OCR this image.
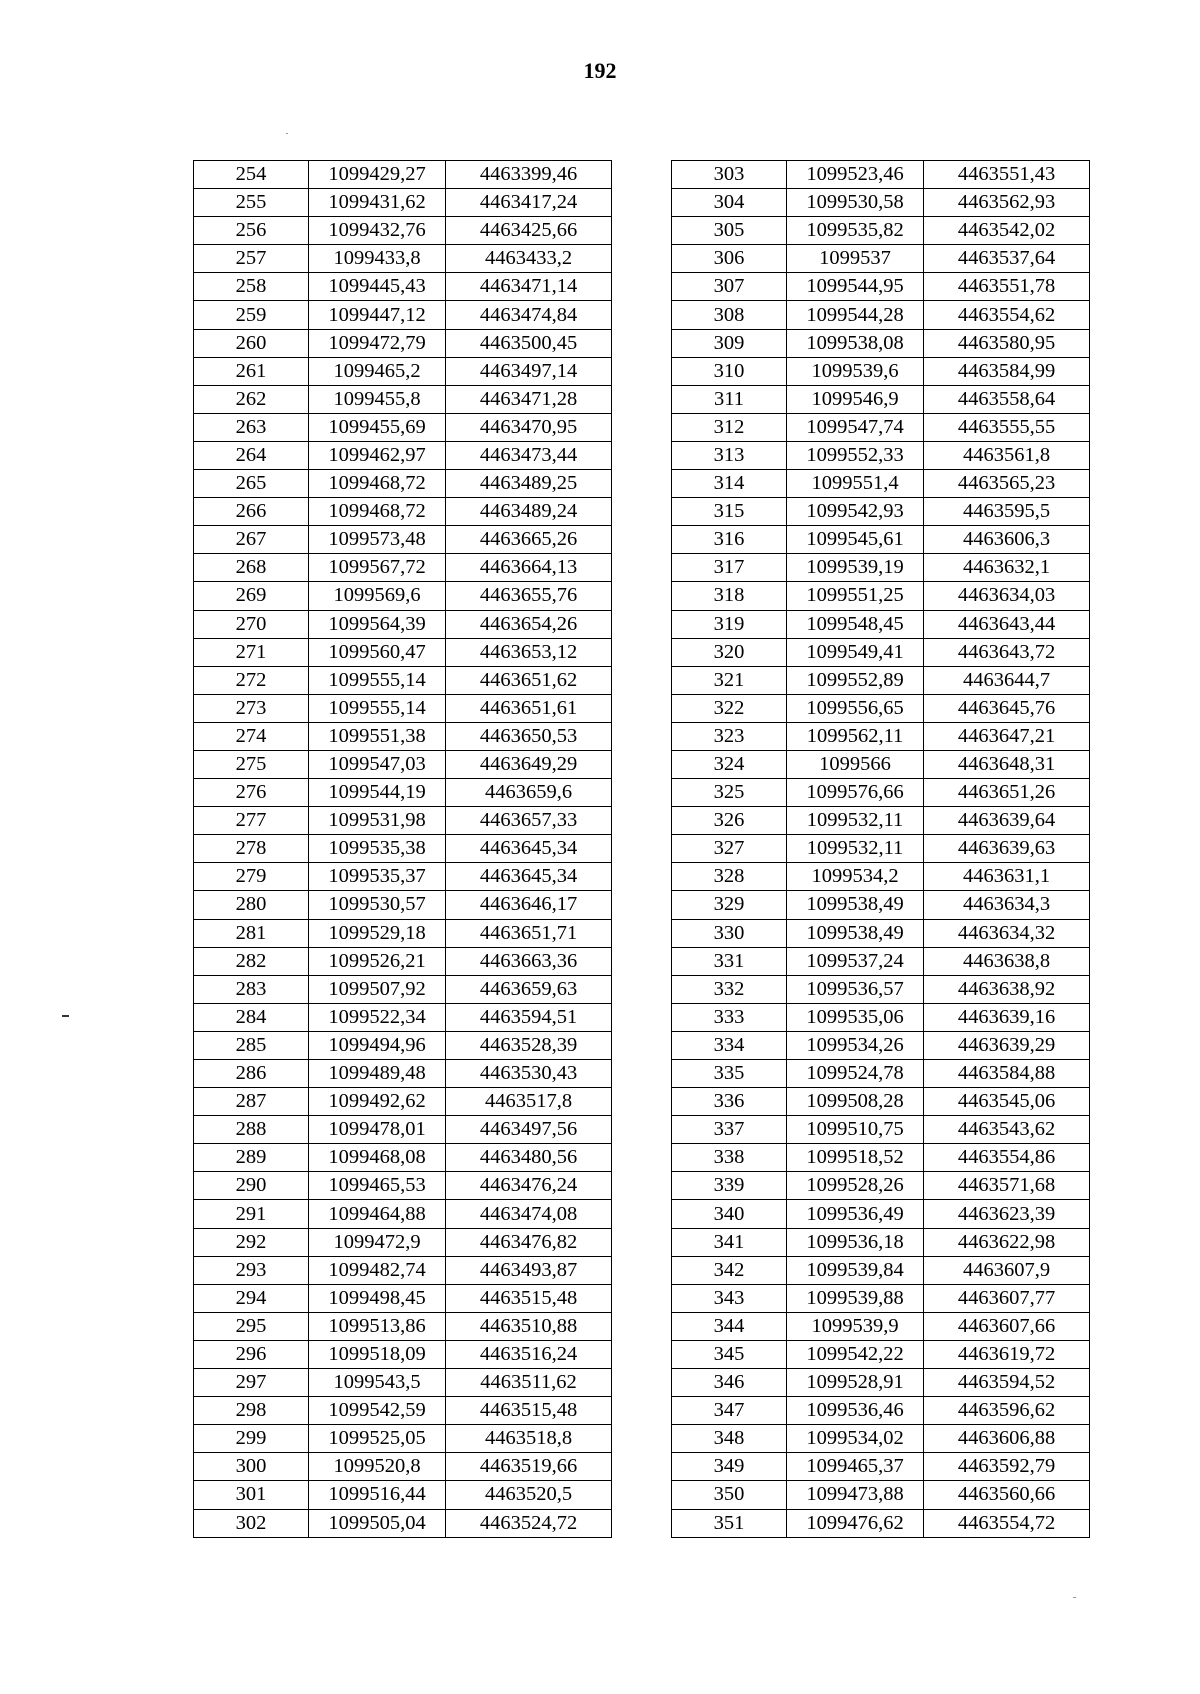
192
254	1099429,27	4463399,46
255	1099431,62	4463417,24
256	1099432,76	4463425,66
257	1099433,8	4463433,2
258	1099445,43	4463471,14
259	1099447,12	4463474,84
260	1099472,79	4463500,45
261	1099465,2	4463497,14
262	1099455,8	4463471,28
263	1099455,69	4463470,95
264	1099462,97	4463473,44
265	1099468,72	4463489,25
266	1099468,72	4463489,24
267	1099573,48	4463665,26
268	1099567,72	4463664,13
269	1099569,6	4463655,76
270	1099564,39	4463654,26
271	1099560,47	4463653,12
272	1099555,14	4463651,62
273	1099555,14	4463651,61
274	1099551,38	4463650,53
275	1099547,03	4463649,29
276	1099544,19	4463659,6
277	1099531,98	4463657,33
278	1099535,38	4463645,34
279	1099535,37	4463645,34
280	1099530,57	4463646,17
281	1099529,18	4463651,71
282	1099526,21	4463663,36
283	1099507,92	4463659,63
284	1099522,34	4463594,51
285	1099494,96	4463528,39
286	1099489,48	4463530,43
287	1099492,62	4463517,8
288	1099478,01	4463497,56
289	1099468,08	4463480,56
290	1099465,53	4463476,24
291	1099464,88	4463474,08
292	1099472,9	4463476,82
293	1099482,74	4463493,87
294	1099498,45	4463515,48
295	1099513,86	4463510,88
296	1099518,09	4463516,24
297	1099543,5	4463511,62
298	1099542,59	4463515,48
299	1099525,05	4463518,8
300	1099520,8	4463519,66
301	1099516,44	4463520,5
302	1099505,04	4463524,72
303	1099523,46	4463551,43
304	1099530,58	4463562,93
305	1099535,82	4463542,02
306	1099537	4463537,64
307	1099544,95	4463551,78
308	1099544,28	4463554,62
309	1099538,08	4463580,95
310	1099539,6	4463584,99
311	1099546,9	4463558,64
312	1099547,74	4463555,55
313	1099552,33	4463561,8
314	1099551,4	4463565,23
315	1099542,93	4463595,5
316	1099545,61	4463606,3
317	1099539,19	4463632,1
318	1099551,25	4463634,03
319	1099548,45	4463643,44
320	1099549,41	4463643,72
321	1099552,89	4463644,7
322	1099556,65	4463645,76
323	1099562,11	4463647,21
324	1099566	4463648,31
325	1099576,66	4463651,26
326	1099532,11	4463639,64
327	1099532,11	4463639,63
328	1099534,2	4463631,1
329	1099538,49	4463634,3
330	1099538,49	4463634,32
331	1099537,24	4463638,8
332	1099536,57	4463638,92
333	1099535,06	4463639,16
334	1099534,26	4463639,29
335	1099524,78	4463584,88
336	1099508,28	4463545,06
337	1099510,75	4463543,62
338	1099518,52	4463554,86
339	1099528,26	4463571,68
340	1099536,49	4463623,39
341	1099536,18	4463622,98
342	1099539,84	4463607,9
343	1099539,88	4463607,77
344	1099539,9	4463607,66
345	1099542,22	4463619,72
346	1099528,91	4463594,52
347	1099536,46	4463596,62
348	1099534,02	4463606,88
349	1099465,37	4463592,79
350	1099473,88	4463560,66
351	1099476,62	4463554,72
